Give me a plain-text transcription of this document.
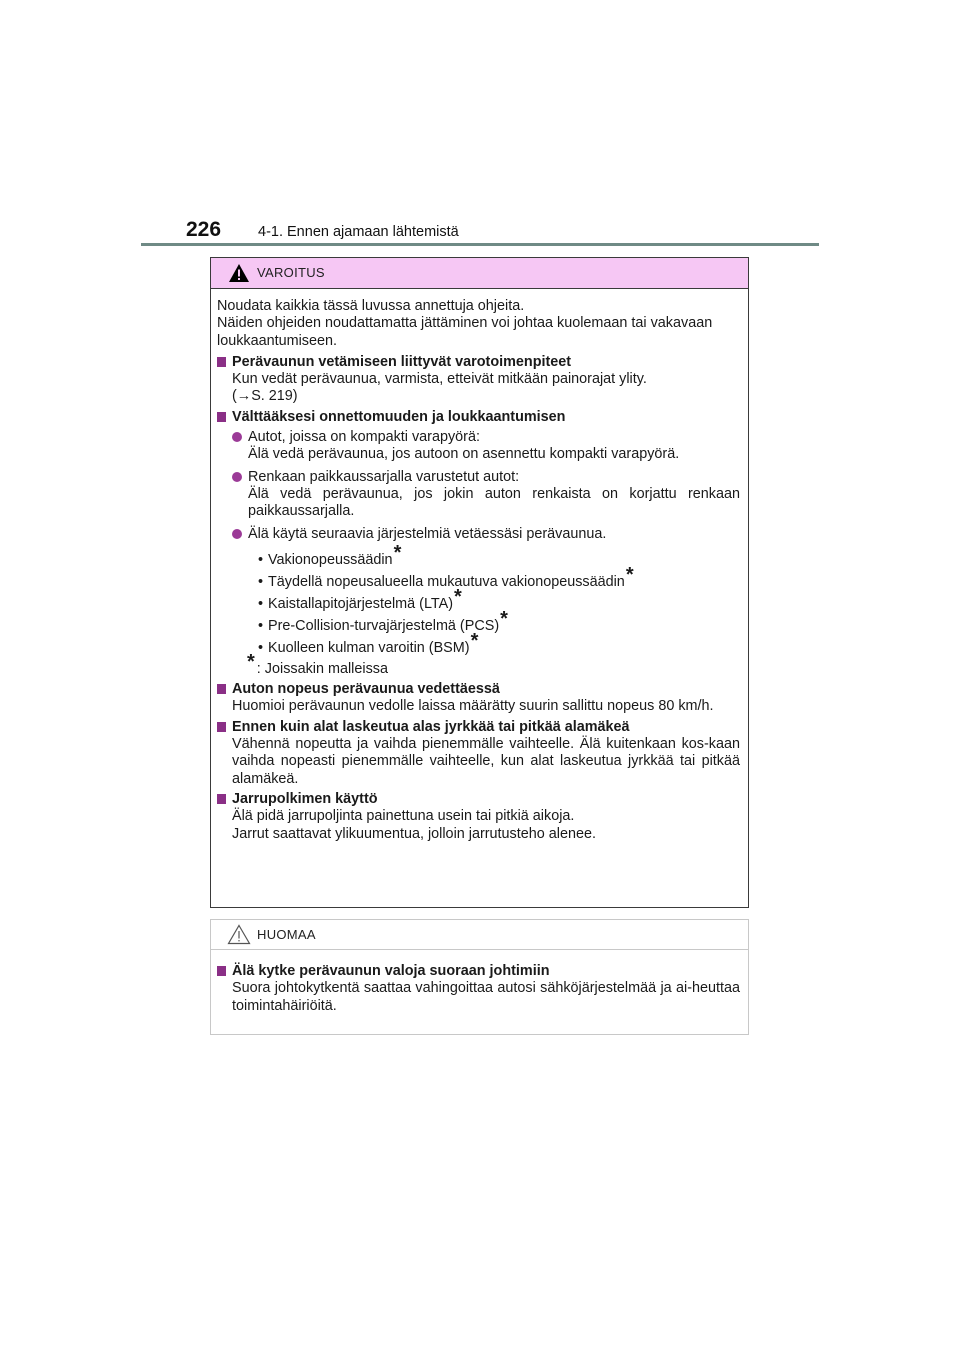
226	4-1. Ennen ajamaan lähtemistä
VAROITUS

Noudata kaikkia tässä luvussa annettuja ohjeita.
Näiden ohjeiden noudattamatta jättäminen voi johtaa kuolemaan tai vakavaan loukkaantumiseen.

Perävaunun vetämiseen liittyvät varotoimenpiteet
Kun vedät perävaunua, varmista, etteivät mitkään painorajat ylity.
(→S. 219)
Välttääksesi onnettomuuden ja loukkaantumisen
Autot, joissa on kompakti varapyörä:
Älä vedä perävaunua, jos autoon on asennettu kompakti varapyörä.
Renkaan paikkaussarjalla varustetut autot:
Älä vedä perävaunua, jos jokin auton renkaista on korjattu renkaan paikkaussarjalla.
Älä käytä seuraavia järjestelmiä vetäessäsi perävaunua.
• Vakionopeussäädin*
• Täydellä nopeusalueella mukautuva vakionopeussäädin*
• Kaistallapitojärjestelmä (LTA)*
• Pre-Collision-turvajärjestelmä (PCS)*
• Kuolleen kulman varoitin (BSM)*
* : Joissakin malleissa
Auton nopeus perävaunua vedettäessä
Huomioi perävaunun vedolle laissa määrätty suurin sallittu nopeus 80 km/h.
Ennen kuin alat laskeutua alas jyrkkää tai pitkää alamäkeä
Vähennä nopeutta ja vaihda pienemmälle vaihteelle. Älä kuitenkaan kos-kaan vaihda nopeasti pienemmälle vaihteelle, kun alat laskeutua jyrkkää tai pitkää alamäkeä.
Jarrupolkimen käyttö
Älä pidä jarrupoljinta painettuna usein tai pitkiä aikoja.
Jarrut saattavat ylikuumentua, jolloin jarrutusteho alenee.
HUOMAA
Älä kytke perävaunun valoja suoraan johtimiin
Suora johtokytkentä saattaa vahingoittaa autosi sähköjärjestelmää ja ai-heuttaa toimintahäiriöitä.
